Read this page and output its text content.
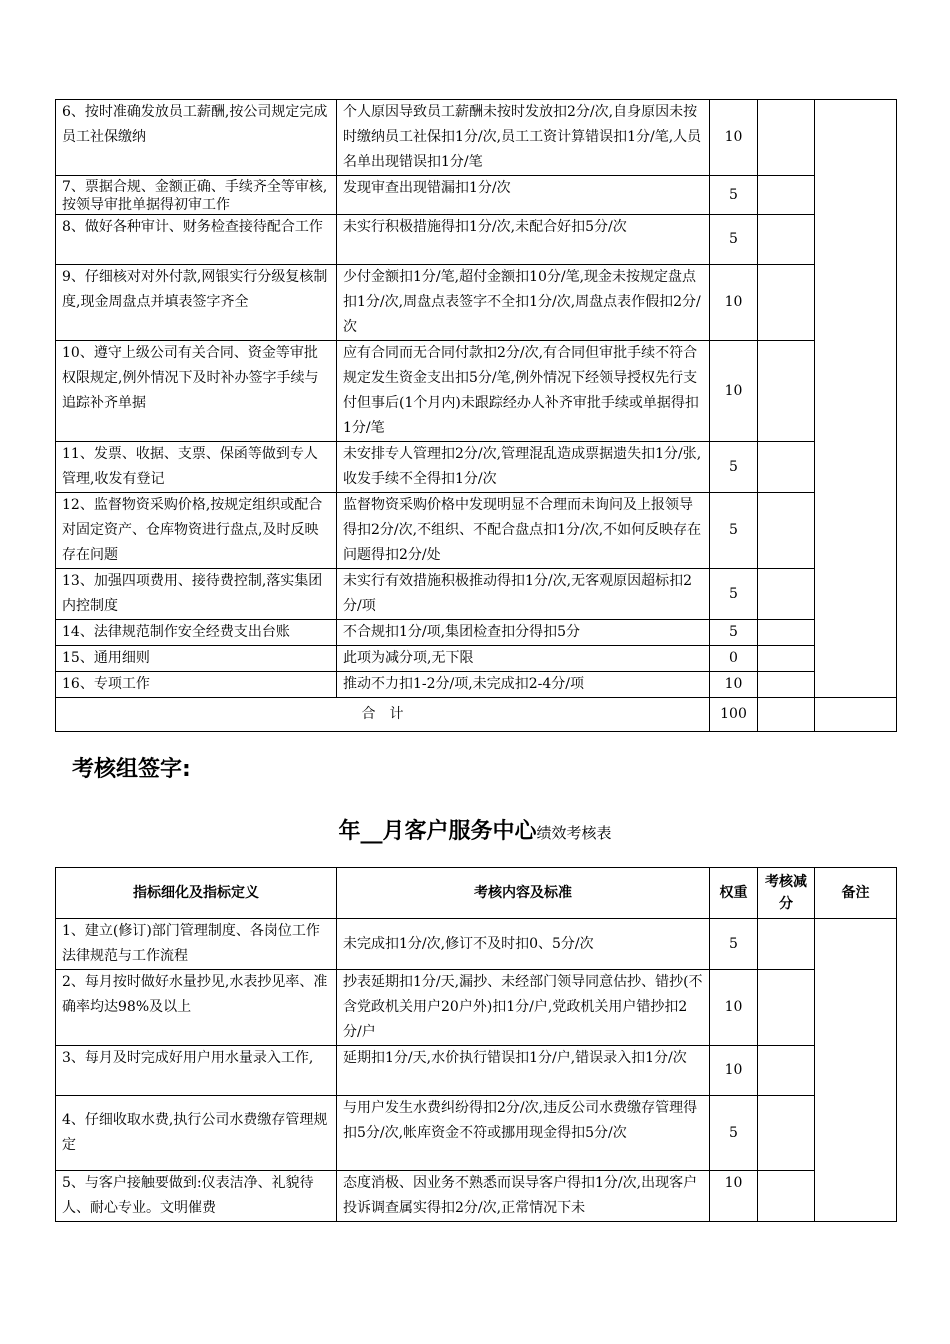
6、按时准确发放员工薪酬,按公司规定完成员工社保缴纳	个人原因导致员工薪酬未按时发放扣2分/次,自身原因未按时缴纳员工社保扣1分/次,员工工资计算错误扣1分/笔,人员名单出现错误扣1分/笔	10		
7、票据合规、金额正确、手续齐全等审核,按领导审批单据得初审工作	发现审查出现错漏扣1分/次	5		
8、做好各种审计、财务检查接待配合工作	未实行积极措施得扣1分/次,未配合好扣5分/次	5		
9、仔细核对对外付款,网银实行分级复核制度,现金周盘点并填表签字齐全	少付金额扣1分/笔,超付金额扣10分/笔,现金未按规定盘点扣1分/次,周盘点表签字不全扣1分/次,周盘点表作假扣2分/次	10		
10、遵守上级公司有关合同、资金等审批权限规定,例外情况下及时补办签字手续与追踪补齐单据	应有合同而无合同付款扣2分/次,有合同但审批手续不符合规定发生资金支出扣5分/笔,例外情况下经领导授权先行支付但事后(1个月内)未跟踪经办人补齐审批手续或单据得扣1分/笔	10		
11、发票、收据、支票、保函等做到专人管理,收发有登记	未安排专人管理扣2分/次,管理混乱造成票据遗失扣1分/张,收发手续不全得扣1分/次	5		
12、监督物资采购价格,按规定组织或配合对固定资产、仓库物资进行盘点,及时反映存在问题	监督物资采购价格中发现明显不合理而未询问及上报领导得扣2分/次,不组织、不配合盘点扣1分/次,不如何反映存在问题得扣2分/处	5		
13、加强四项费用、接待费控制,落实集团内控制度	未实行有效措施积极推动得扣1分/次,无客观原因超标扣2分/项	5		
14、法律规范制作安全经费支出台账	不合规扣1分/项,集团检查扣分得扣5分	5		
15、通用细则	此项为减分项,无下限	0		
16、专项工作	推动不力扣1-2分/项,未完成扣2-4分/项	10		
合　计		100		
考核组签字:
年__月客户服务中心绩效考核表
指标细化及指标定义	考核内容及标准	权重	考核减分	备注
1、建立(修订)部门管理制度、各岗位工作法律规范与工作流程	未完成扣1分/次,修订不及时扣0、5分/次	5		
2、每月按时做好水量抄见,水表抄见率、准确率均达98%及以上	抄表延期扣1分/天,漏抄、未经部门领导同意估抄、错抄(不含党政机关用户20户外)扣1分/户,党政机关用户错抄扣2分/户	10		
3、每月及时完成好用户用水量录入工作,	延期扣1分/天,水价执行错误扣1分/户,错误录入扣1分/次	10		
4、仔细收取水费,执行公司水费缴存管理规定	与用户发生水费纠纷得扣2分/次,违反公司水费缴存管理得扣5分/次,帐库资金不符或挪用现金得扣5分/次	5		
5、与客户接触要做到:仪表洁净、礼貌待人、耐心专业。文明催费	态度消极、因业务不熟悉而误导客户得扣1分/次,出现客户投诉调查属实得扣2分/次,正常情况下未	10		
